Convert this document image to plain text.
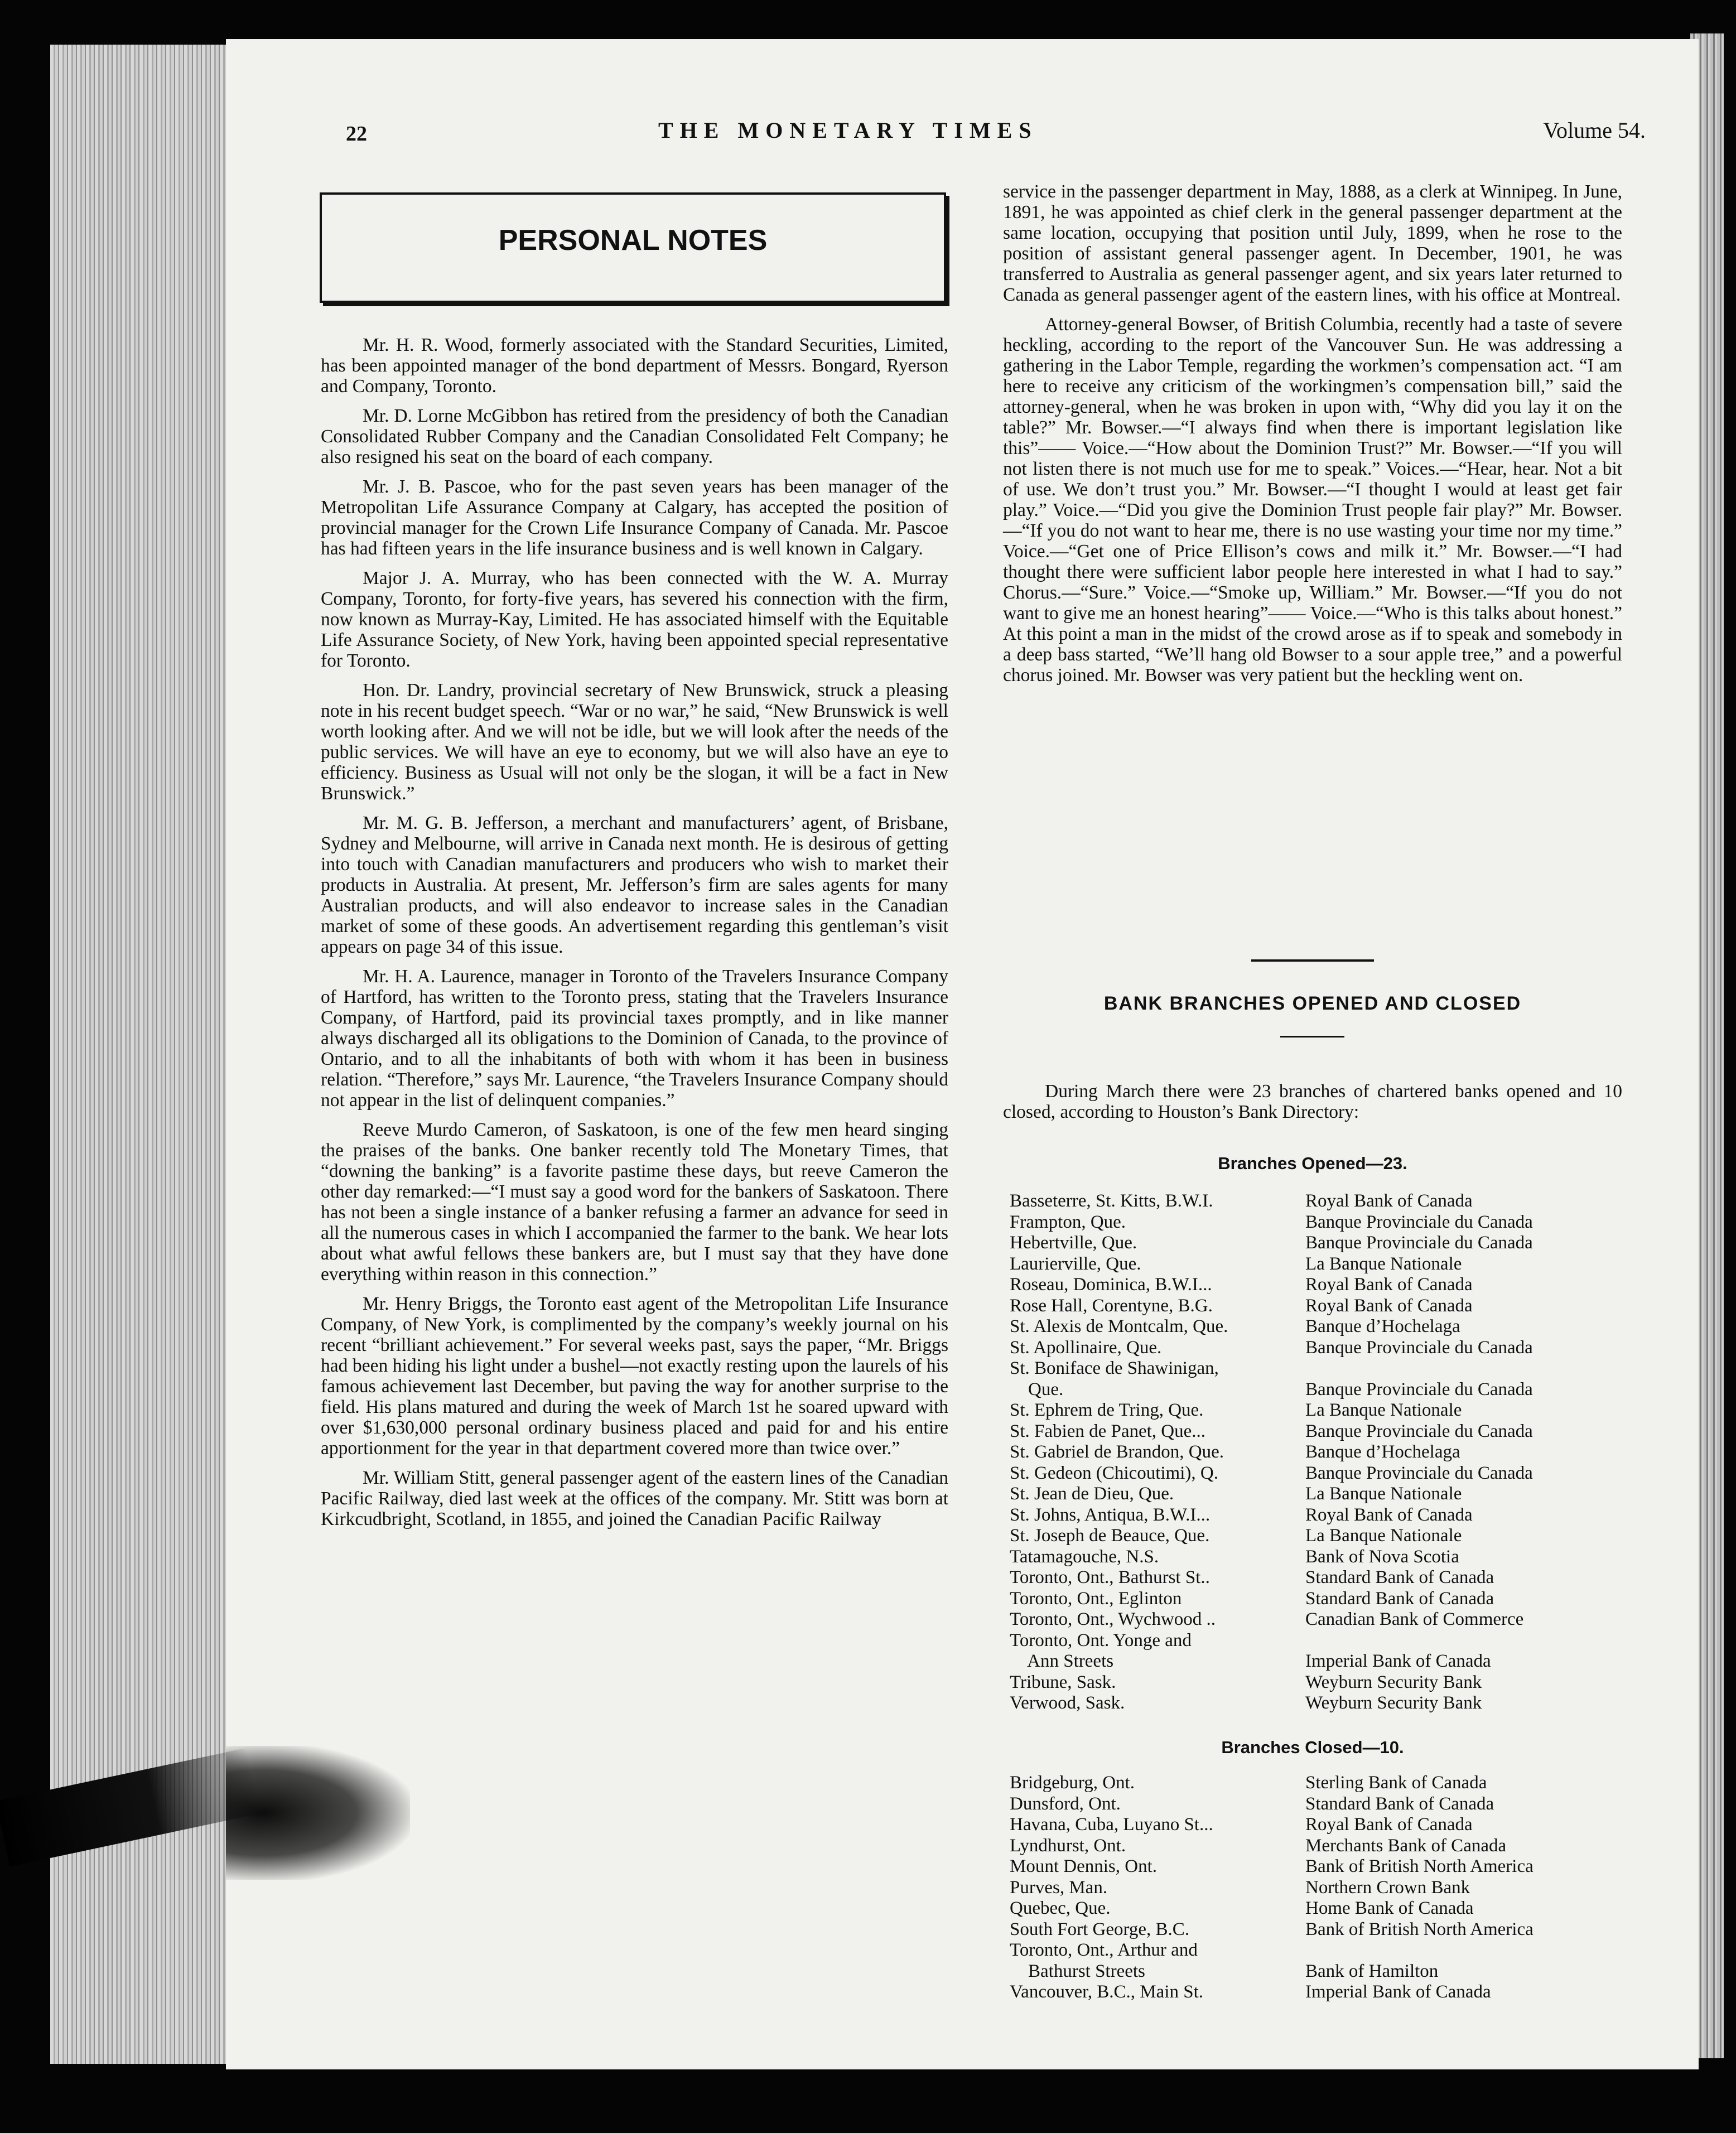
22	THE MONETARY TIMES	Volume 54.
PERSONAL NOTES

Mr. H. R. Wood, formerly associated with the Standard Securities, Limited, has been appointed manager of the bond department of Messrs. Bongard, Ryerson and Company, Toronto.

Mr. D. Lorne McGibbon has retired from the presidency of both the Canadian Consolidated Rubber Company and the Canadian Consolidated Felt Company; he also resigned his seat on the board of each company.

Mr. J. B. Pascoe, who for the past seven years has been manager of the Metropolitan Life Assurance Company at Calgary, has accepted the position of provincial manager for the Crown Life Insurance Company of Canada. Mr. Pascoe has had fifteen years in the life insurance business and is well known in Calgary.

Major J. A. Murray, who has been connected with the W. A. Murray Company, Toronto, for forty-five years, has severed his connection with the firm, now known as Murray-Kay, Limited. He has associated himself with the Equitable Life Assurance Society, of New York, having been appointed special representative for Toronto.

Hon. Dr. Landry, provincial secretary of New Brunswick, struck a pleasing note in his recent budget speech. “War or no war,” he said, “New Brunswick is well worth looking after. And we will not be idle, but we will look after the needs of the public services. We will have an eye to economy, but we will also have an eye to efficiency. Business as Usual will not only be the slogan, it will be a fact in New Brunswick.”

Mr. M. G. B. Jefferson, a merchant and manufacturers’ agent, of Brisbane, Sydney and Melbourne, will arrive in Canada next month. He is desirous of getting into touch with Canadian manufacturers and producers who wish to market their products in Australia. At present, Mr. Jefferson’s firm are sales agents for many Australian products, and will also endeavor to increase sales in the Canadian market of some of these goods. An advertisement regarding this gentleman’s visit appears on page 34 of this issue.

Mr. H. A. Laurence, manager in Toronto of the Travelers Insurance Company of Hartford, has written to the Toronto press, stating that the Travelers Insurance Company, of Hartford, paid its provincial taxes promptly, and in like manner always discharged all its obligations to the Dominion of Canada, to the province of Ontario, and to all the inhabitants of both with whom it has been in business relation. “Therefore,” says Mr. Laurence, “the Travelers Insurance Company should not appear in the list of delinquent companies.”

Reeve Murdo Cameron, of Saskatoon, is one of the few men heard singing the praises of the banks. One banker recently told The Monetary Times, that “downing the banking” is a favorite pastime these days, but reeve Cameron the other day remarked:—“I must say a good word for the bankers of Saskatoon. There has not been a single instance of a banker refusing a farmer an advance for seed in all the numerous cases in which I accompanied the farmer to the bank. We hear lots about what awful fellows these bankers are, but I must say that they have done everything within reason in this connection.”

Mr. Henry Briggs, the Toronto east agent of the Metropolitan Life Insurance Company, of New York, is complimented by the company’s weekly journal on his recent “brilliant achievement.” For several weeks past, says the paper, “Mr. Briggs had been hiding his light under a bushel—not exactly resting upon the laurels of his famous achievement last December, but paving the way for another surprise to the field. His plans matured and during the week of March 1st he soared upward with over $1,630,000 personal ordinary business placed and paid for and his entire apportionment for the year in that department covered more than twice over.”

Mr. William Stitt, general passenger agent of the eastern lines of the Canadian Pacific Railway, died last week at the offices of the company. Mr. Stitt was born at Kirkcudbright, Scotland, in 1855, and joined the Canadian Pacific Railway

service in the passenger department in May, 1888, as a clerk at Winnipeg. In June, 1891, he was appointed as chief clerk in the general passenger department at the same location, occupying that position until July, 1899, when he rose to the position of assistant general passenger agent. In December, 1901, he was transferred to Australia as general passenger agent, and six years later returned to Canada as general passenger agent of the eastern lines, with his office at Montreal.

Attorney-general Bowser, of British Columbia, recently had a taste of severe heckling, according to the report of the Vancouver Sun. He was addressing a gathering in the Labor Temple, regarding the workmen’s compensation act. “I am here to receive any criticism of the workingmen’s compensation bill,” said the attorney-general, when he was broken in upon with, “Why did you lay it on the table?” Mr. Bowser.—“I always find when there is important legislation like this”—— Voice.—“How about the Dominion Trust?” Mr. Bowser.—“If you will not listen there is not much use for me to speak.” Voices.—“Hear, hear. Not a bit of use. We don’t trust you.” Mr. Bowser.—“I thought I would at least get fair play.” Voice.—“Did you give the Dominion Trust people fair play?” Mr. Bowser.—“If you do not want to hear me, there is no use wasting your time nor my time.” Voice.—“Get one of Price Ellison’s cows and milk it.” Mr. Bowser.—“I had thought there were sufficient labor people here interested in what I had to say.” Chorus.—“Sure.” Voice.—“Smoke up, William.” Mr. Bowser.—“If you do not want to give me an honest hearing”—— Voice.—“Who is this talks about honest.” At this point a man in the midst of the crowd arose as if to speak and somebody in a deep bass started, “We’ll hang old Bowser to a sour apple tree,” and a powerful chorus joined. Mr. Bowser was very patient but the heckling went on.

BANK BRANCHES OPENED AND CLOSED

During March there were 23 branches of chartered banks opened and 10 closed, according to Houston’s Bank Directory:

Branches Opened—23.
Basseterre, St. Kitts, B.W.I.	Royal Bank of Canada
Frampton, Que.	Banque Provinciale du Canada
Hebertville, Que.	Banque Provinciale du Canada
Laurierville, Que.	La Banque Nationale
Roseau, Dominica, B.W.I...	Royal Bank of Canada
Rose Hall, Corentyne, B.G.	Royal Bank of Canada
St. Alexis de Montcalm, Que.	Banque d’Hochelaga
St. Apollinaire, Que.	Banque Provinciale du Canada
St. Boniface de Shawinigan,
Que.	Banque Provinciale du Canada
St. Ephrem de Tring, Que.	La Banque Nationale
St. Fabien de Panet, Que...	Banque Provinciale du Canada
St. Gabriel de Brandon, Que.	Banque d’Hochelaga
St. Gedeon (Chicoutimi), Q.	Banque Provinciale du Canada
St. Jean de Dieu, Que.	La Banque Nationale
St. Johns, Antiqua, B.W.I...	Royal Bank of Canada
St. Joseph de Beauce, Que.	La Banque Nationale
Tatamagouche, N.S.	Bank of Nova Scotia
Toronto, Ont., Bathurst St..	Standard Bank of Canada
Toronto, Ont., Eglinton	Standard Bank of Canada
Toronto, Ont., Wychwood ..	Canadian Bank of Commerce
Toronto, Ont. Yonge and
Ann Streets	Imperial Bank of Canada
Tribune, Sask.	Weyburn Security Bank
Verwood, Sask.	Weyburn Security Bank
Branches Closed—10.
Bridgeburg, Ont.	Sterling Bank of Canada
Dunsford, Ont.	Standard Bank of Canada
Havana, Cuba, Luyano St...	Royal Bank of Canada
Lyndhurst, Ont.	Merchants Bank of Canada
Mount Dennis, Ont.	Bank of British North America
Purves, Man.	Northern Crown Bank
Quebec, Que.	Home Bank of Canada
South Fort George, B.C.	Bank of British North America
Toronto, Ont., Arthur and
Bathurst Streets	Bank of Hamilton
Vancouver, B.C., Main St.	Imperial Bank of Canada
